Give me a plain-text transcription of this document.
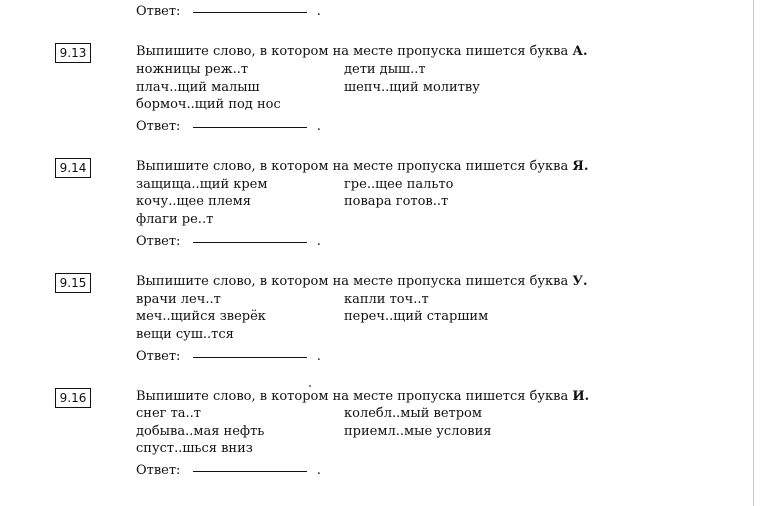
Ответ:	.
9.13	Выпишите слово, в котором на месте пропуска пишется буква А.
ножницы реж..т	дети дыш..т
плач..щий малыш	шепч..щий молитву
бормоч..щий под нос
Ответ:	.
9.14	Выпишите слово, в котором на месте пропуска пишется буква Я.
защища..щий крем	гре..щее пальто
кочу..щее племя	повара готов..т
флаги ре..т
Ответ:	.
9.15	Выпишите слово, в котором на месте пропуска пишется буква У.
врачи леч..т	капли точ..т
меч..щийся зверёк	переч..щий старшим
вещи суш..тся
Ответ:	.
9.16	Выпишите слово, в котором на месте пропуска пишется буква И.
снег та..т	колебл..мый ветром
добыва..мая нефть	приемл..мые условия
спуст..шься вниз
Ответ:	.
